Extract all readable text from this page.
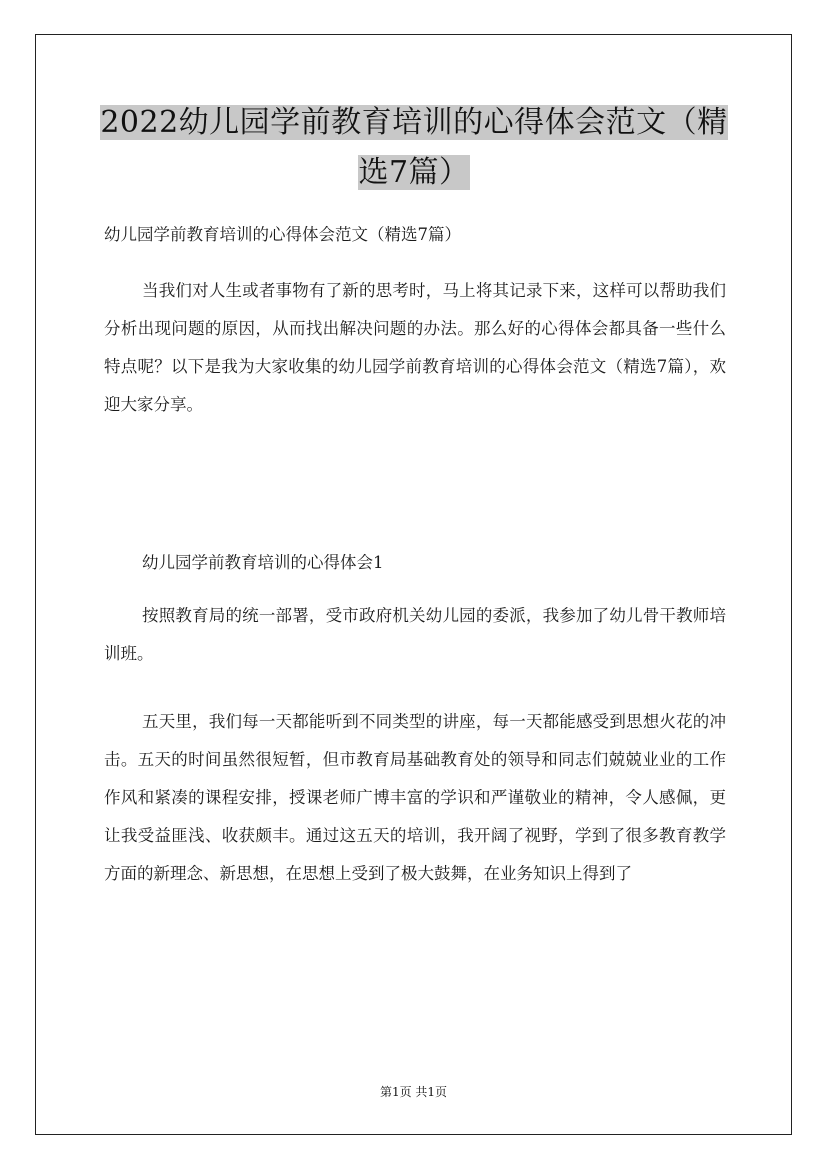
2022幼儿园学前教育培训的心得体会范文（精选7篇）
幼儿园学前教育培训的心得体会范文（精选7篇）
当我们对人生或者事物有了新的思考时，马上将其记录下来，这样可以帮助我们分析出现问题的原因，从而找出解决问题的办法。那么好的心得体会都具备一些什么特点呢？以下是我为大家收集的幼儿园学前教育培训的心得体会范文（精选7篇），欢迎大家分享。
幼儿园学前教育培训的心得体会1
按照教育局的统一部署，受市政府机关幼儿园的委派，我参加了幼儿骨干教师培训班。
五天里，我们每一天都能听到不同类型的讲座，每一天都能感受到思想火花的冲击。五天的时间虽然很短暂，但市教育局基础教育处的领导和同志们兢兢业业的工作作风和紧凑的课程安排，授课老师广博丰富的学识和严谨敬业的精神，令人感佩，更让我受益匪浅、收获颇丰。通过这五天的培训，我开阔了视野，学到了很多教育教学方面的新理念、新思想，在思想上受到了极大鼓舞，在业务知识上得到了
第1页 共1页
